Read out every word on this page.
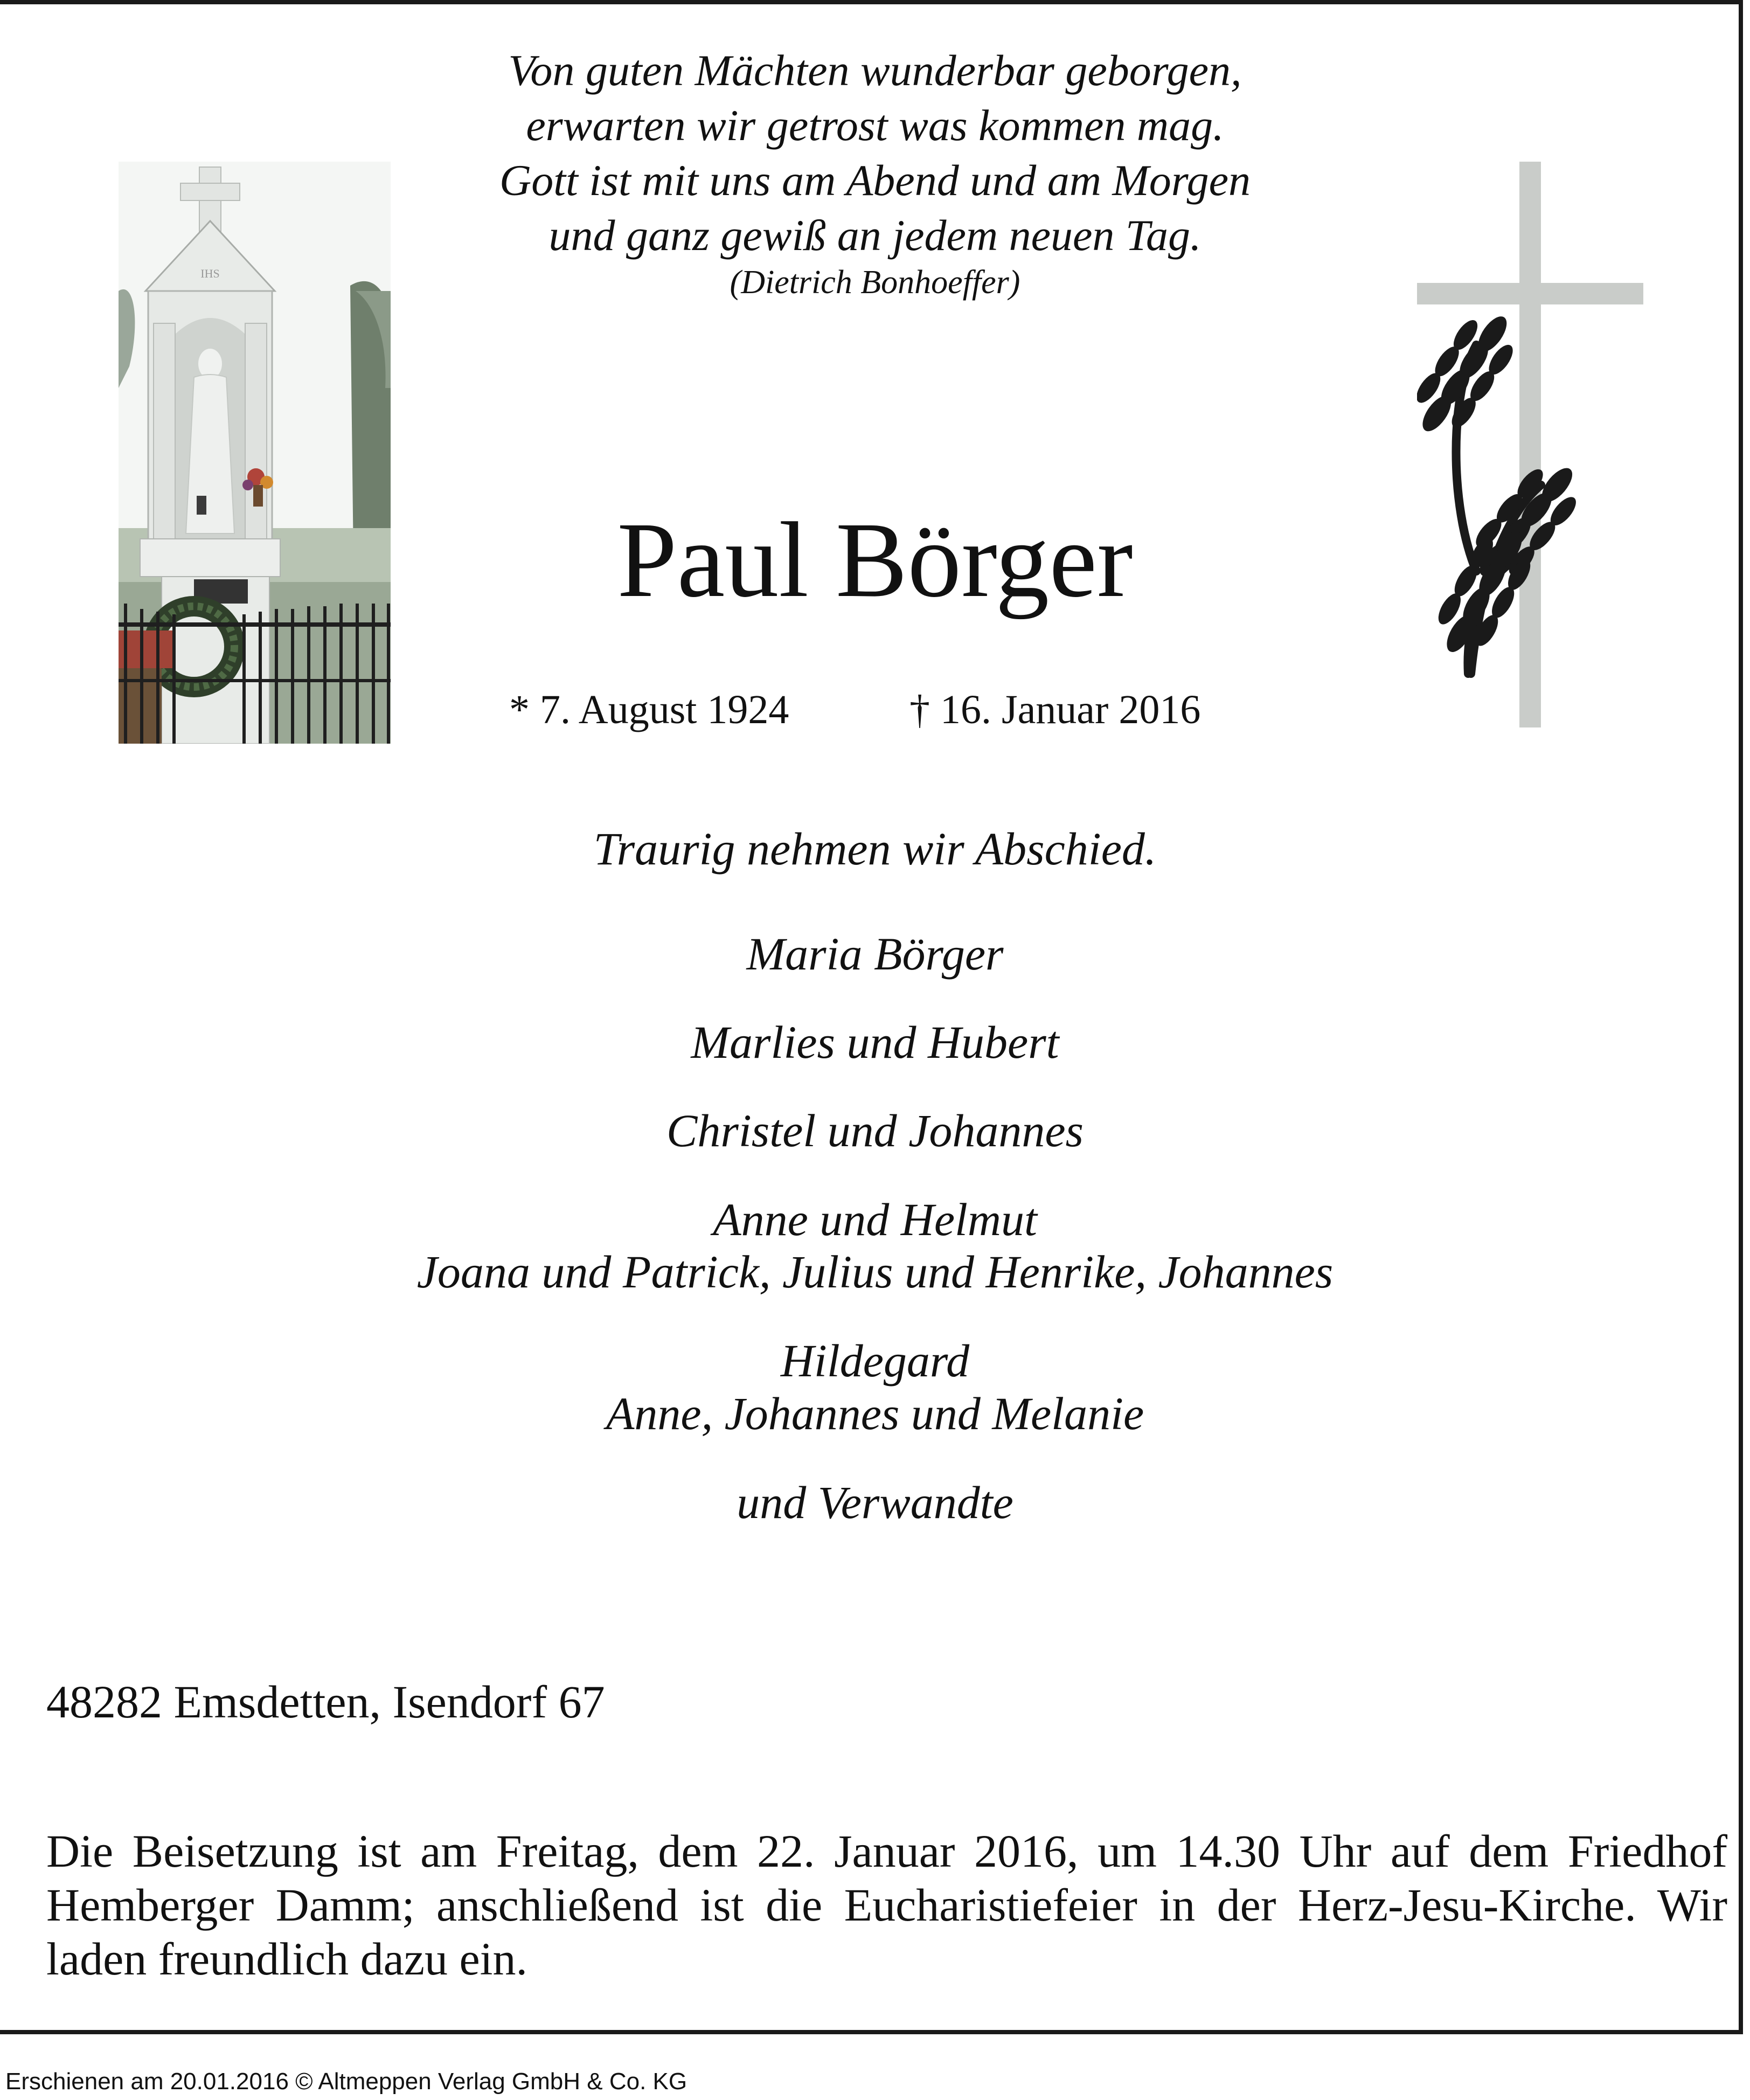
Von guten Mächten wunderbar geborgen,
erwarten wir getrost was kommen mag.
Gott ist mit uns am Abend und am Morgen
und ganz gewiß an jedem neuen Tag.
(Dietrich Bonhoeffer)
IHS
Paul Börger
* 7. August 1924	† 16. Januar 2016
Traurig nehmen wir Abschied.
Maria Börger
Marlies und Hubert
Christel und Johannes
Anne und Helmut
Joana und Patrick, Julius und Henrike, Johannes
Hildegard
Anne, Johannes und Melanie
und Verwandte
48282 Emsdetten, Isendorf 67
Die Beisetzung ist am Freitag, dem 22. Januar 2016, um 14.30 Uhr auf dem Friedhof
Hemberger Damm; anschließend ist die Eucharistiefeier in der Herz-Jesu-Kirche. Wir
laden freundlich dazu ein.
Erschienen am 20.01.2016 © Altmeppen Verlag GmbH & Co. KG
